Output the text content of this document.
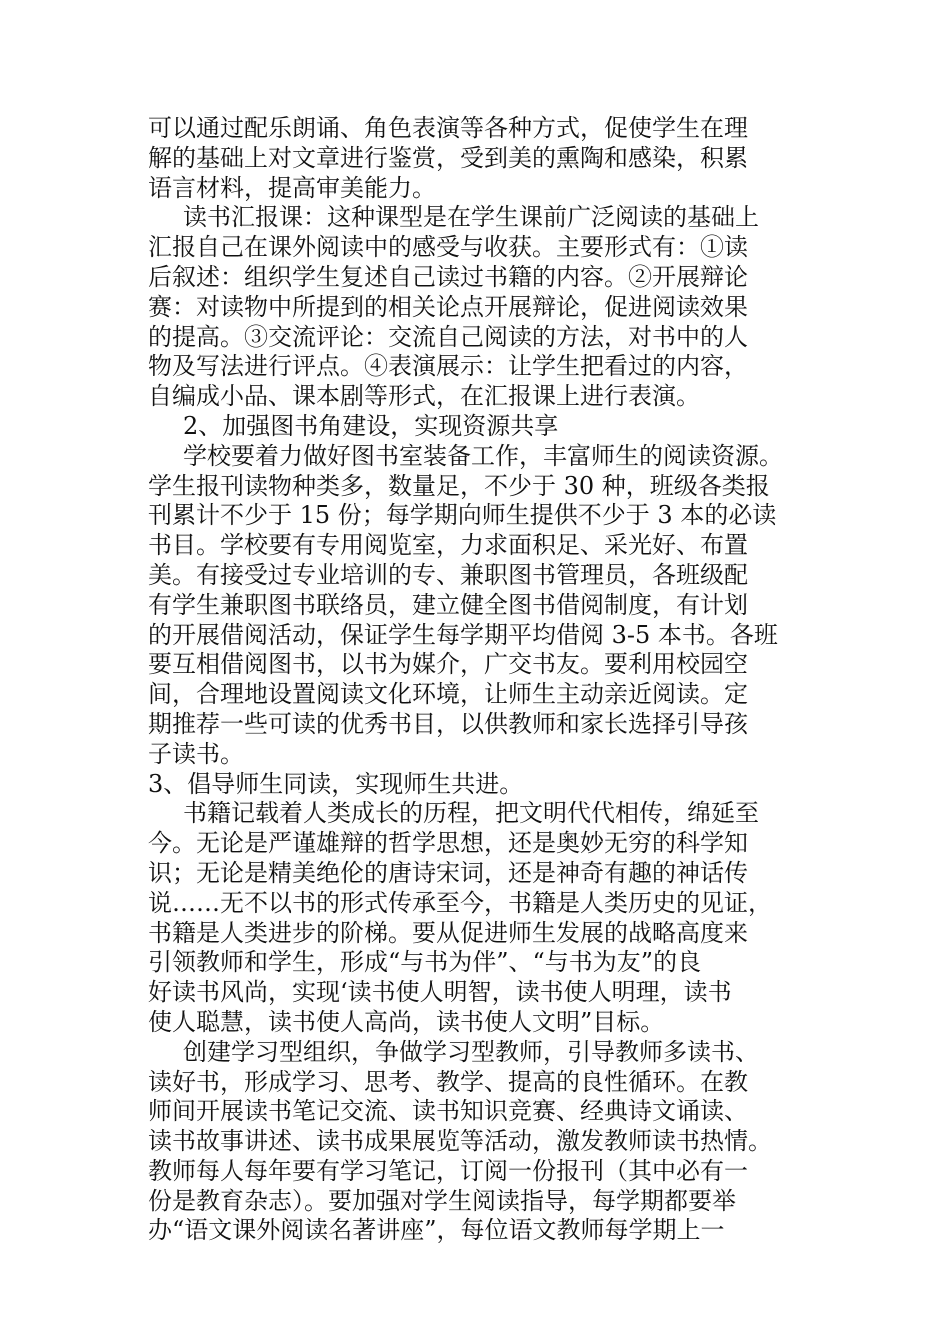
可以通过配乐朗诵、角色表演等各种方式，促使学生在理
解的基础上对文章进行鉴赏，受到美的熏陶和感染，积累
语言材料，提高审美能力。
读书汇报课：这种课型是在学生课前广泛阅读的基础上
汇报自己在课外阅读中的感受与收获。主要形式有：①读
后叙述：组织学生复述自己读过书籍的内容。②开展辩论
赛：对读物中所提到的相关论点开展辩论，促进阅读效果
的提高。③交流评论：交流自己阅读的方法，对书中的人
物及写法进行评点。④表演展示：让学生把看过的内容，
自编成小品、课本剧等形式，在汇报课上进行表演。
2、加强图书角建设，实现资源共享
学校要着力做好图书室装备工作，丰富师生的阅读资源。
学生报刊读物种类多，数量足，不少于 30 种，班级各类报
刊累计不少于 15 份；每学期向师生提供不少于 3 本的必读
书目。学校要有专用阅览室，力求面积足、采光好、布置
美。有接受过专业培训的专、兼职图书管理员，各班级配
有学生兼职图书联络员，建立健全图书借阅制度，有计划
的开展借阅活动，保证学生每学期平均借阅 3-5 本书。各班
要互相借阅图书，以书为媒介，广交书友。要利用校园空
间，合理地设置阅读文化环境，让师生主动亲近阅读。定
期推荐一些可读的优秀书目，以供教师和家长选择引导孩
子读书。
3、倡导师生同读，实现师生共进。
书籍记载着人类成长的历程，把文明代代相传，绵延至
今。无论是严谨雄辩的哲学思想，还是奥妙无穷的科学知
识；无论是精美绝伦的唐诗宋词，还是神奇有趣的神话传
说……无不以书的形式传承至今，书籍是人类历史的见证，
书籍是人类进步的阶梯。要从促进师生发展的战略高度来
引领教师和学生，形成“与书为伴”、“与书为友”的良
好读书风尚，实现‘读书使人明智，读书使人明理，读书
使人聪慧，读书使人高尚，读书使人文明”目标。
创建学习型组织，争做学习型教师，引导教师多读书、
读好书，形成学习、思考、教学、提高的良性循环。在教
师间开展读书笔记交流、读书知识竞赛、经典诗文诵读、
读书故事讲述、读书成果展览等活动，激发教师读书热情。
教师每人每年要有学习笔记，订阅一份报刊（其中必有一
份是教育杂志）。要加强对学生阅读指导，每学期都要举
办“语文课外阅读名著讲座”，每位语文教师每学期上一
